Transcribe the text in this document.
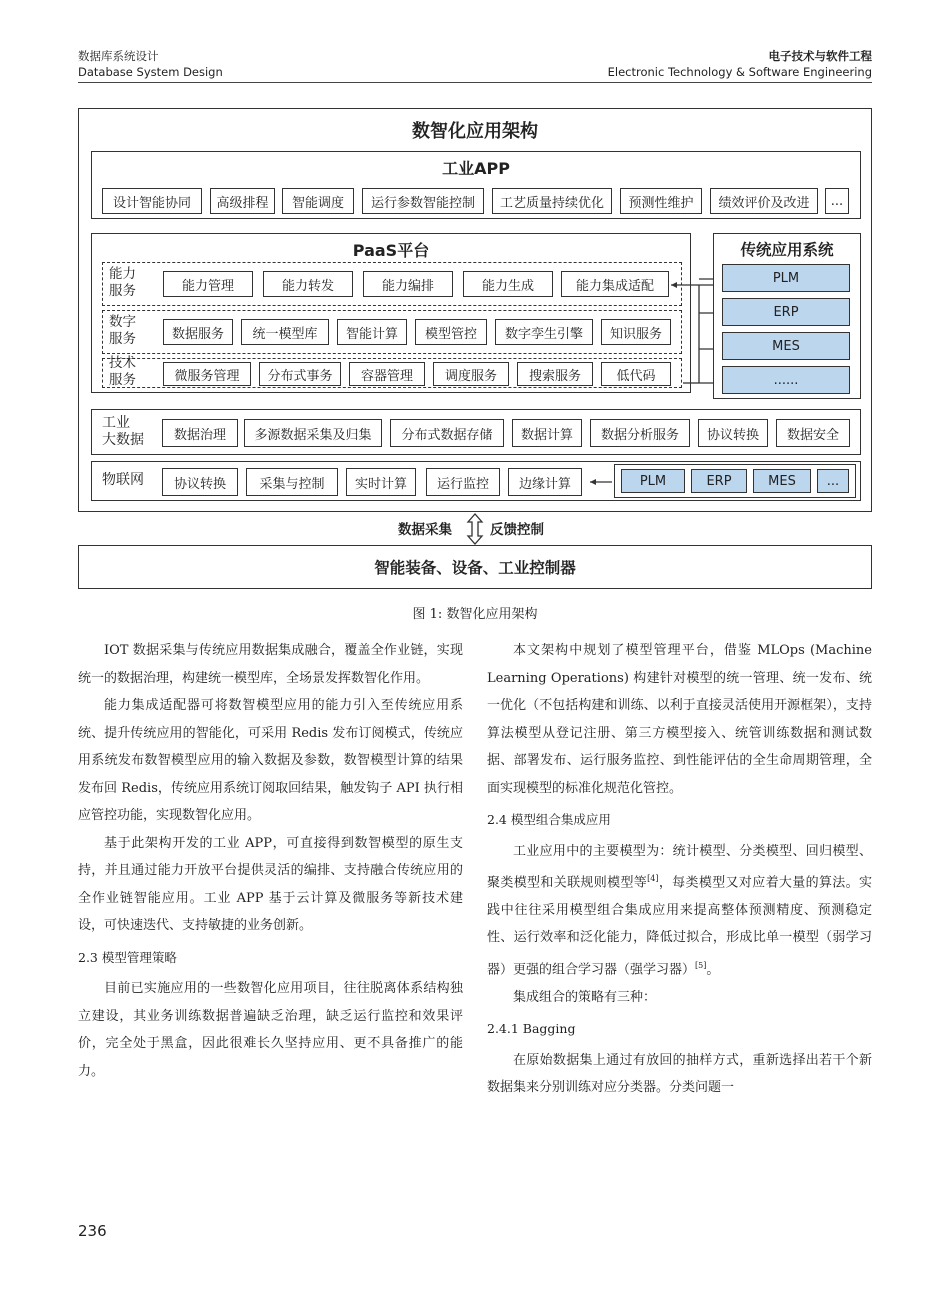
数据库系统设计
Database System Design
电子技术与软件工程
Electronic Technology & Software Engineering
数智化应用架构
工业APP
设计智能协同	高级排程	智能调度	运行参数智能控制	工艺质量持续优化	预测性维护	绩效评价及改进	...
PaaS平台
能力
服务	能力管理	能力转发	能力编排	能力生成	能力集成适配
数字
服务	数据服务	统一模型库	智能计算	模型管控	数字孪生引擎	知识服务
技术
服务	微服务管理	分布式事务	容器管理	调度服务	搜索服务	低代码
传统应用系统
PLM
ERP
MES
......
工业
大数据	数据治理	多源数据采集及归集	分布式数据存储	数据计算	数据分析服务	协议转换	数据安全
物联网	协议转换	采集与控制	实时计算	运行监控	边缘计算	PLM	ERP	MES	...
数据采集	反馈控制
智能装备、设备、工业控制器
图 1: 数智化应用架构

IOT 数据采集与传统应用数据集成融合，覆盖全作业链，实现统一的数据治理，构建统一模型库，全场景发挥数智化作用。

能力集成适配器可将数智模型应用的能力引入至传统应用系统、提升传统应用的智能化，可采用 Redis 发布订阅模式，传统应用系统发布数智模型应用的输入数据及参数，数智模型计算的结果发布回 Redis，传统应用系统订阅取回结果，触发钩子 API 执行相应管控功能，实现数智化应用。

基于此架构开发的工业 APP，可直接得到数智模型的原生支持，并且通过能力开放平台提供灵活的编排、支持融合传统应用的全作业链智能应用。工业 APP 基于云计算及微服务等新技术建设，可快速迭代、支持敏捷的业务创新。

2.3 模型管理策略

目前已实施应用的一些数智化应用项目，往往脱离体系结构独立建设，其业务训练数据普遍缺乏治理，缺乏运行监控和效果评价，完全处于黑盒，因此很难长久坚持应用、更不具备推广的能力。

本文架构中规划了模型管理平台，借鉴 MLOps (Machine Learning Operations) 构建针对模型的统一管理、统一发布、统一优化（不包括构建和训练、以利于直接灵活使用开源框架），支持算法模型从登记注册、第三方模型接入、统管训练数据和测试数据、部署发布、运行服务监控、到性能评估的全生命周期管理，全面实现模型的标准化规范化管控。

2.4 模型组合集成应用

工业应用中的主要模型为：统计模型、分类模型、回归模型、聚类模型和关联规则模型等[4]，每类模型又对应着大量的算法。实践中往往采用模型组合集成应用来提高整体预测精度、预测稳定性、运行效率和泛化能力，降低过拟合，形成比单一模型（弱学习器）更强的组合学习器（强学习器）[5]。

集成组合的策略有三种：

2.4.1 Bagging

在原始数据集上通过有放回的抽样方式，重新选择出若干个新数据集来分别训练对应分类器。分类问题一

236
